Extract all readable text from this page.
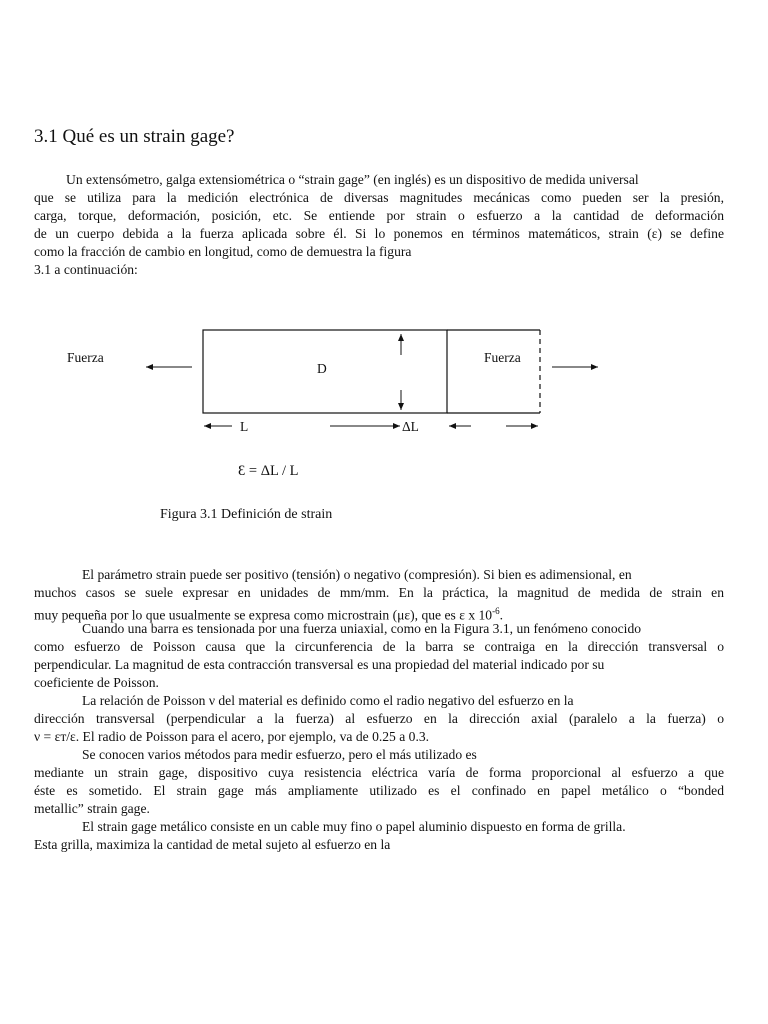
3.1 Qué es un strain gage?
Un extensómetro, galga extensiométrica o “strain gage” (en inglés) es un dispositivo de medida universal
que se utiliza para la medición electrónica de diversas magnitudes mecánicas como pueden ser la presión,
carga, torque, deformación, posición, etc. Se entiende por strain o esfuerzo a la cantidad de deformación
de un cuerpo debida a la fuerza aplicada sobre él. Si lo ponemos en términos matemáticos, strain (ε) se define
como la fracción de cambio en longitud, como de demuestra la figura
3.1 a continuación:
Fuerza	Fuerza
D
L	ΔL
Ɛ = ΔL / L
Figura 3.1 Definición de strain
El parámetro strain puede ser positivo (tensión) o negativo (compresión). Si bien es adimensional, en
muchos casos se suele expresar en unidades de mm/mm. En la práctica, la magnitud de medida de strain en
muy pequeña por lo que usualmente se expresa como microstrain (με), que es ε x $10^{-6}$.
Cuando una barra es tensionada por una fuerza uniaxial, como en la Figura 3.1, un fenómeno conocido
como esfuerzo de Poisson causa que la circunferencia de la barra se contraiga en la dirección transversal o
perpendicular. La magnitud de esta contracción transversal es una propiedad del material indicado por su
coeficiente de Poisson.
La relación de Poisson ν del material es definido como el radio negativo del esfuerzo en la
dirección transversal (perpendicular a la fuerza) al esfuerzo en la dirección axial (paralelo a la fuerza) o
ν = εт/ε. El radio de Poisson para el acero, por ejemplo, va de 0.25 a 0.3.
Se conocen varios métodos para medir esfuerzo, pero el más utilizado es
mediante un strain gage, dispositivo cuya resistencia eléctrica varía de forma proporcional al esfuerzo a que
éste es sometido. El strain gage más ampliamente utilizado es el confinado en papel metálico o “bonded
metallic” strain gage.
El strain gage metálico consiste en un cable muy fino o papel aluminio dispuesto en forma de grilla.
Esta grilla, maximiza la cantidad de metal sujeto al esfuerzo en la
